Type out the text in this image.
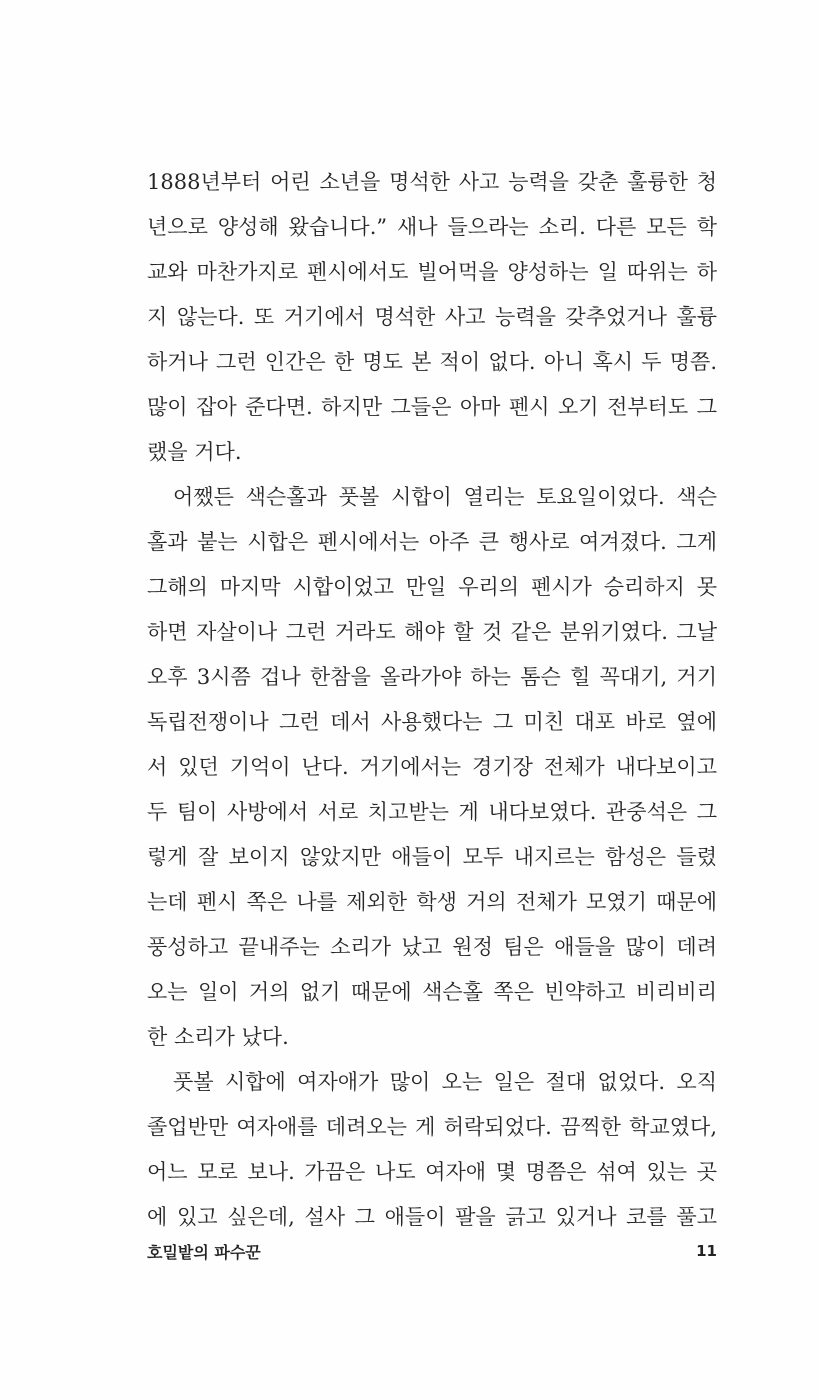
1888년부터 어린 소년을 명석한 사고 능력을 갖춘 훌륭한 청
년으로 양성해 왔습니다.” 새나 들으라는 소리. 다른 모든 학
교와 마찬가지로 펜시에서도 빌어먹을 양성하는 일 따위는 하
지 않는다. 또 거기에서 명석한 사고 능력을 갖추었거나 훌륭
하거나 그런 인간은 한 명도 본 적이 없다. 아니 혹시 두 명쯤.
많이 잡아 준다면. 하지만 그들은 아마 펜시 오기 전부터도 그
랬을 거다.
어쨌든 색슨홀과 풋볼 시합이 열리는 토요일이었다. 색슨
홀과 붙는 시합은 펜시에서는 아주 큰 행사로 여겨졌다. 그게
그해의 마지막 시합이었고 만일 우리의 펜시가 승리하지 못
하면 자살이나 그런 거라도 해야 할 것 같은 분위기였다. 그날
오후 3시쯤 겁나 한참을 올라가야 하는 톰슨 힐 꼭대기, 거기
독립전쟁이나 그런 데서 사용했다는 그 미친 대포 바로 옆에
서 있던 기억이 난다. 거기에서는 경기장 전체가 내다보이고
두 팀이 사방에서 서로 치고받는 게 내다보였다. 관중석은 그
렇게 잘 보이지 않았지만 애들이 모두 내지르는 함성은 들렸
는데 펜시 쪽은 나를 제외한 학생 거의 전체가 모였기 때문에
풍성하고 끝내주는 소리가 났고 원정 팀은 애들을 많이 데려
오는 일이 거의 없기 때문에 색슨홀 쪽은 빈약하고 비리비리
한 소리가 났다.
풋볼 시합에 여자애가 많이 오는 일은 절대 없었다. 오직
졸업반만 여자애를 데려오는 게 허락되었다. 끔찍한 학교였다,
어느 모로 보나. 가끔은 나도 여자애 몇 명쯤은 섞여 있는 곳
에 있고 싶은데, 설사 그 애들이 팔을 긁고 있거나 코를 풀고
호밀밭의 파수꾼	11
